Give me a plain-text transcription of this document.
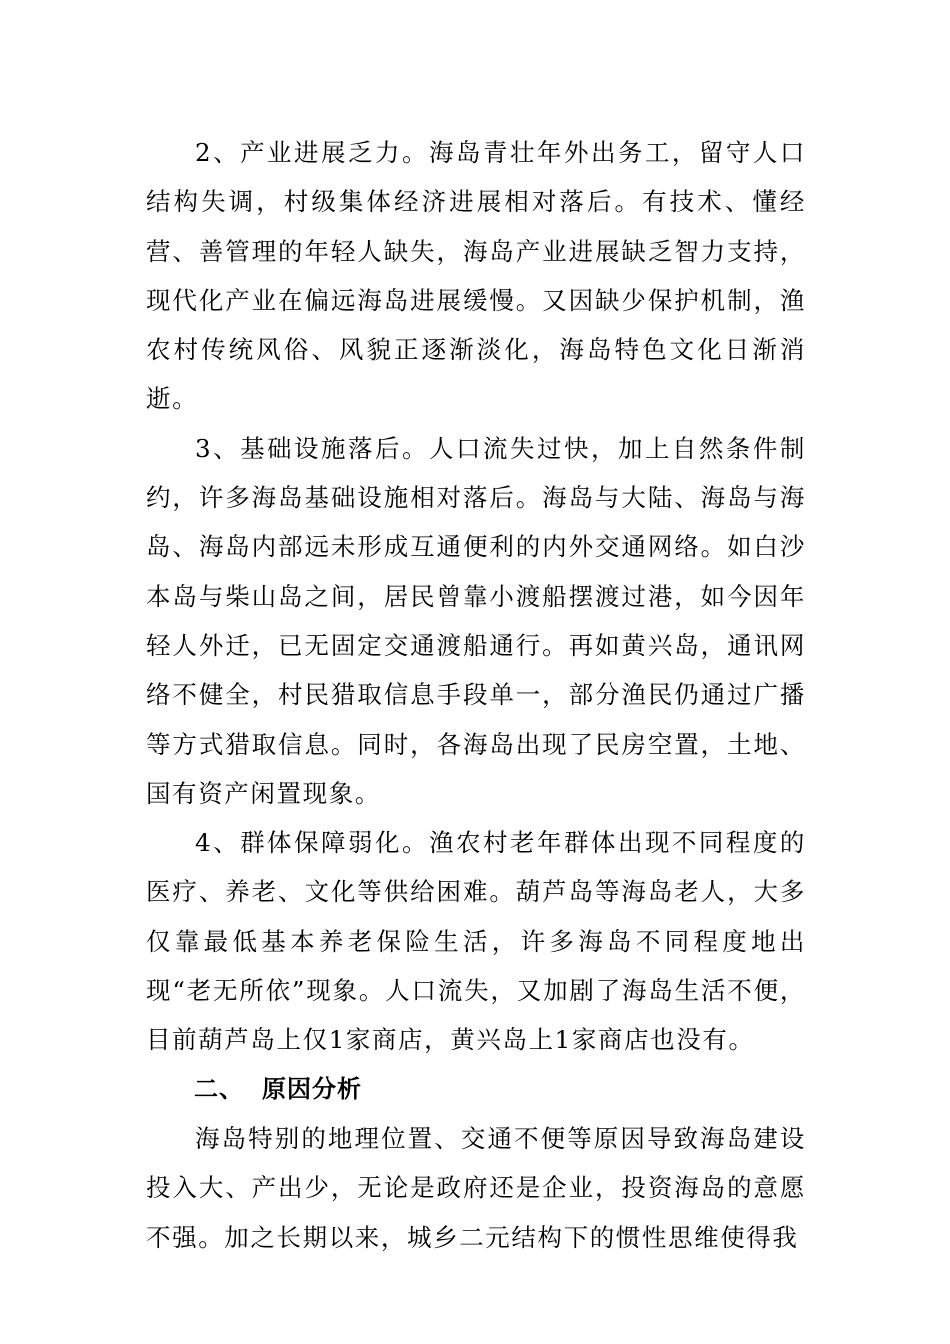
2、产业进展乏力。海岛青壮年外出务工，留守人口结构失调，村级集体经济进展相对落后。有技术、懂经营、善管理的年轻人缺失，海岛产业进展缺乏智力支持，现代化产业在偏远海岛进展缓慢。又因缺少保护机制，渔农村传统风俗、风貌正逐渐淡化，海岛特色文化日渐消逝。

3、基础设施落后。人口流失过快，加上自然条件制约，许多海岛基础设施相对落后。海岛与大陆、海岛与海岛、海岛内部远未形成互通便利的内外交通网络。如白沙本岛与柴山岛之间，居民曾靠小渡船摆渡过港，如今因年轻人外迁，已无固定交通渡船通行。再如黄兴岛，通讯网络不健全，村民猎取信息手段单一，部分渔民仍通过广播等方式猎取信息。同时，各海岛出现了民房空置，土地、国有资产闲置现象。

4、群体保障弱化。渔农村老年群体出现不同程度的医疗、养老、文化等供给困难。葫芦岛等海岛老人，大多仅靠最低基本养老保险生活，许多海岛不同程度地出现“老无所依”现象。人口流失，又加剧了海岛生活不便，目前葫芦岛上仅1家商店，黄兴岛上1家商店也没有。

二、 原因分析

海岛特别的地理位置、交通不便等原因导致海岛建设投入大、产出少，无论是政府还是企业，投资海岛的意愿不强。加之长期以来，城乡二元结构下的惯性思维使得我
